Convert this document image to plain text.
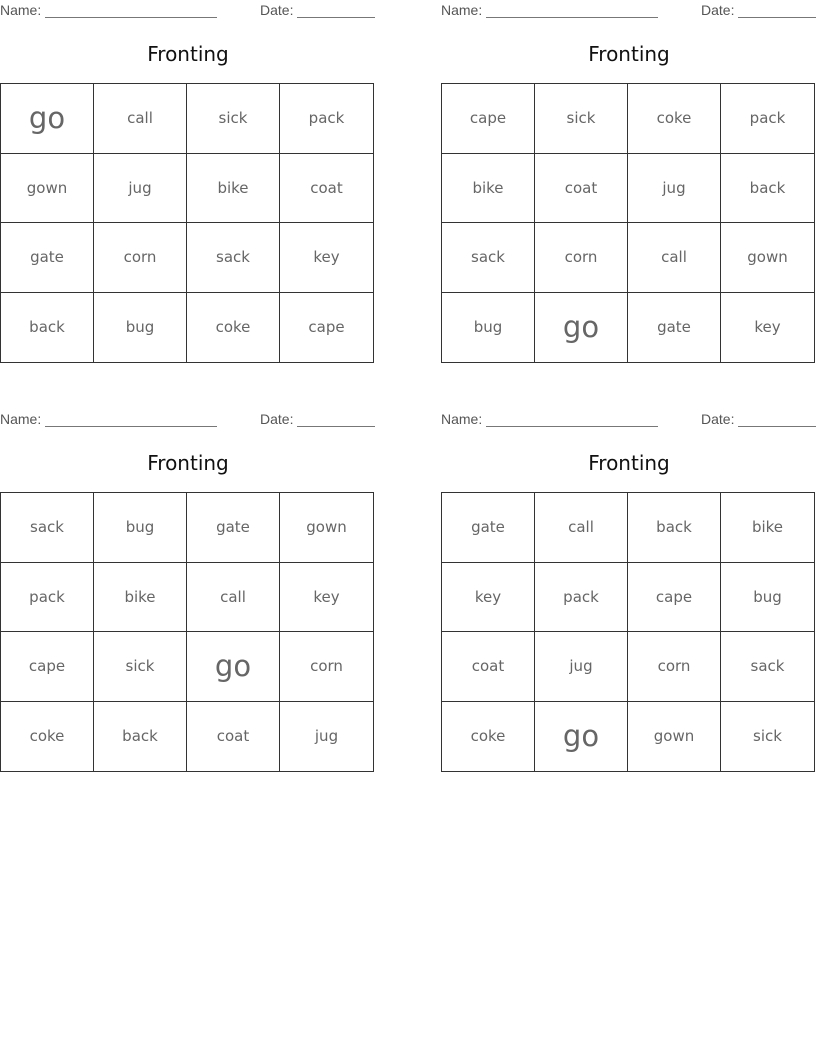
Name:	Date:
Fronting
go	call	sick	pack
gown	jug	bike	coat
gate	corn	sack	key
back	bug	coke	cape
Name:	Date:
Fronting
cape	sick	coke	pack
bike	coat	jug	back
sack	corn	call	gown
bug	go	gate	key
Name:	Date:
Fronting
sack	bug	gate	gown
pack	bike	call	key
cape	sick	go	corn
coke	back	coat	jug
Name:	Date:
Fronting
gate	call	back	bike
key	pack	cape	bug
coat	jug	corn	sack
coke	go	gown	sick
